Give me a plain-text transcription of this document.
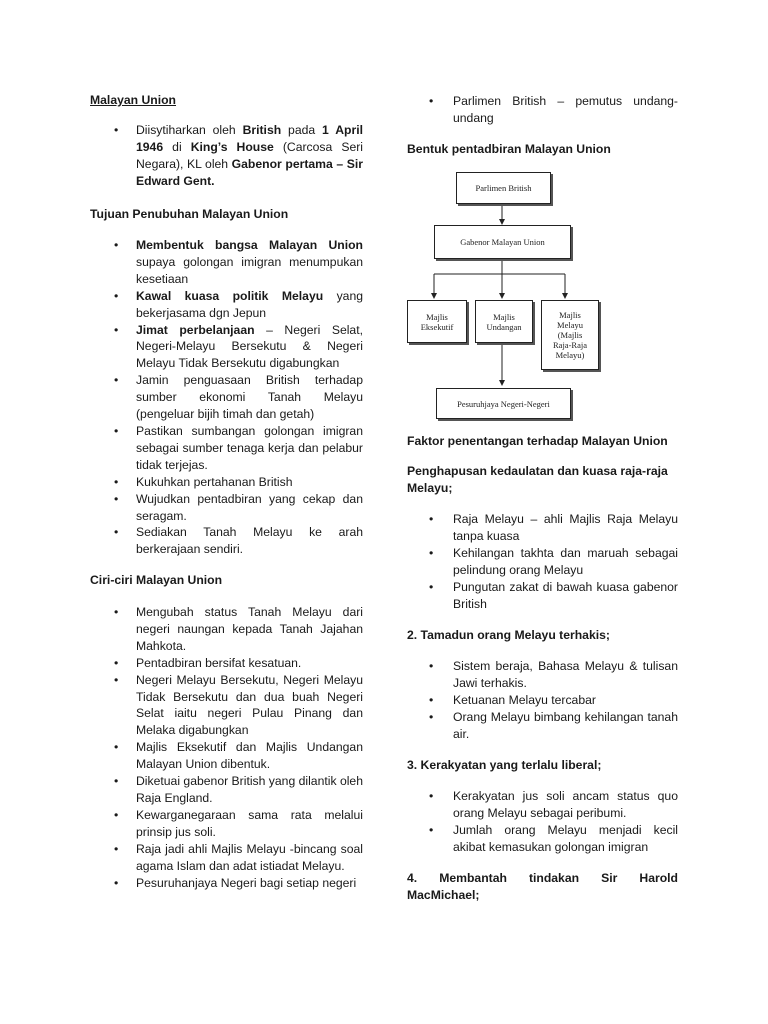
Malayan Union
• Diisytiharkan oleh British pada 1 April 1946 di King’s House (Carcosa Seri Negara), KL oleh Gabenor pertama – Sir Edward Gent.
Tujuan Penubuhan Malayan Union
• Membentuk bangsa Malayan Union supaya golongan imigran menumpukan kesetiaan
• Kawal kuasa politik Melayu yang bekerjasama dgn Jepun
• Jimat perbelanjaan – Negeri Selat, Negeri-Melayu Bersekutu & Negeri Melayu Tidak Bersekutu digabungkan
• Jamin penguasaan British terhadap sumber ekonomi Tanah Melayu (pengeluar bijih timah dan getah)
• Pastikan sumbangan golongan imigran sebagai sumber tenaga kerja dan pelabur tidak terjejas.
• Kukuhkan pertahanan British
• Wujudkan pentadbiran yang cekap dan seragam.
• Sediakan Tanah Melayu ke arah berkerajaan sendiri.
Ciri-ciri Malayan Union
• Mengubah status Tanah Melayu dari negeri naungan kepada Tanah Jajahan Mahkota.
• Pentadbiran bersifat kesatuan.
• Negeri Melayu Bersekutu, Negeri Melayu Tidak Bersekutu dan dua buah Negeri Selat iaitu negeri Pulau Pinang dan Melaka digabungkan
• Majlis Eksekutif dan Majlis Undangan Malayan Union dibentuk.
• Diketuai gabenor British yang dilantik oleh Raja England.
• Kewarganegaraan sama rata melalui prinsip jus soli.
• Raja jadi ahli Majlis Melayu -bincang soal agama Islam dan adat istiadat Melayu.
• Pesuruhanjaya Negeri bagi setiap negeri
• Parlimen British – pemutus undang-undang
Bentuk pentadbiran Malayan Union
Faktor penentangan terhadap Malayan Union
Penghapusan kedaulatan dan kuasa raja-raja Melayu;
• Raja Melayu – ahli Majlis Raja Melayu tanpa kuasa
• Kehilangan takhta dan maruah sebagai pelindung orang Melayu
• Pungutan zakat di bawah kuasa gabenor British
2. Tamadun orang Melayu terhakis;
• Sistem beraja, Bahasa Melayu & tulisan Jawi terhakis.
• Ketuanan Melayu tercabar
• Orang Melayu bimbang kehilangan tanah air.
3. Kerakyatan yang terlalu liberal;
• Kerakyatan jus soli ancam status quo orang Melayu sebagai peribumi.
• Jumlah orang Melayu menjadi kecil akibat kemasukan golongan imigran
4. Membantah tindakan Sir Harold MacMichael;
Parlimen British
Gabenor Malayan Union
Majlis
Eksekutif
Majlis
Undangan
Majlis
Melayu
(Majlis
Raja-Raja
Melayu)
Pesuruhjaya Negeri-Negeri
